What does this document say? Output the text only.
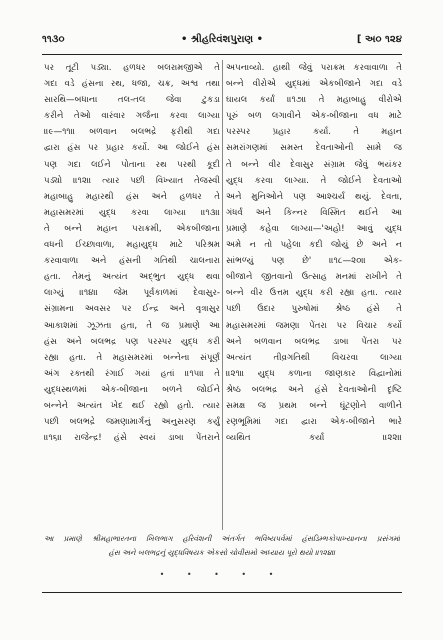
૧૧૩૦	• શ્રીહરિવંશપુરાણ •	[ અ૦ ૧૨૪
પર તૂટી પડ્યા. હળધર બલરામજીએ તે
ગદા વડે હંસના રથ, ધજા, ચક્ર, અશ્વ તથા
સારથિ—બધાના તલ-તલ જેવા ટુકડા
કરીને તેઓ વારંવાર ગર્જના કરવા લાગ્યા
॥૯—૧૧॥ બળવાન બલભદ્રે ફરીથી ગદા
દ્વારા હંસ પર પ્રહાર કર્યો. આ જોઈને હંસ
પણ ગદા લઈને પોતાના રથ પરથી કૂદી
પડ્યો ॥૧૨॥ ત્યાર પછી વિખ્યાત તેજસ્વી
મહાબાહુ મહારથી હંસ અને હળધર તે
મહાસમરમાં યુદ્ધ કરવા લાગ્યા ॥૧૩॥
તે બન્ને મહાન પરાક્રમી, એકબીજાના
વધની ઈચ્છાવાળા, મહાયુદ્ધ માટે પરિશ્રમ
કરવાવાળા અને હંસની ગતિથી ચાલનારા
હતા. તેમનું અત્યંત અદ્ભુત યુદ્ધ થવા
લાગ્યું ॥૧૪॥ જેમ પૂર્વકાળમાં દેવાસુર-
સંગ્રામના અવસર પર ઈન્દ્ર અને વૃત્રાસુર
આકાશમાં ઝૂઝતા હતા, તે જ પ્રમાણે આ
હંસ અને બલભદ્ર પણ પરસ્પર યુદ્ધ કરી
રહ્યા હતા. તે મહાસમરમાં બન્નેના સંપૂર્ણ
અંગ રક્તથી રંગાઈ ગયાં હતાં ॥૧૫॥ તે
યુદ્ધસ્થળમાં એક-બીજાના બળને જોઈને
બન્નેને અત્યંત ખેદ થઈ રહ્યો હતો. ત્યાર
પછી બલભદ્રે જમણામાર્ગનું અનુસરણ કર્યું
॥૧૬॥ રાજેન્દ્ર! હંસે સ્વયં ડાબા પેંતરાને
અપનાવ્યો. હાથી જેવું પરાક્રમ કરવાવાળા તે
બન્ને વીરોએ યુદ્ધમાં એકબીજાને ગદા વડે
ઘાયલ કર્યાં ॥૧૭॥ તે મહાબાહુ વીરોએ
પૂરું બળ લગાવીને એક-બીજાના વધ માટે
પરસ્પર પ્રહાર કર્યા. તે મહાન
સમરાંગણમાં સમસ્ત દેવતાઓની સામે જ
તે બન્ને વીર દેવાસુર સંગ્રામ જેવું ભયંકર
યુદ્ધ કરવા લાગ્યા. તે જોઈને દેવતાઓ
અને મુનિઓને પણ આશ્ચર્ય થયું. દેવતા,
ગંધર્વ અને કિન્નર વિસ્મિત થઈને આ
પ્રમાણે કહેવા લાગ્યા—'અહો! આવું યુદ્ધ
અમે ન તો પહેલા કદી જોયું છે અને ન
સાંભળ્યું પણ છે' ॥૧૮—૨૦॥ એક-
બીજાને જીતવાનો ઉત્સાહ મનમાં રાખીને તે
બન્ને વીર ઉત્તમ યુદ્ધ કરી રહ્યા હતા. ત્યાર
પછી ઉદાર પુરુષોમાં શ્રેષ્ઠ હંસે તે
મહાસમરમાં જમણા પેંતરા પર વિચાર કર્યો
અને બળવાન બલભદ્ર ડાબા પેંતરા પર
અત્યંત તીવ્રગતિથી વિચરવા લાગ્યા
॥૨૧॥ યુદ્ધ કળાના જાણકાર વિદ્વાનોમાં
શ્રેષ્ઠ બલભદ્ર અને હંસે દેવતાઓની દૃષ્ટિ
સમક્ષ જ પ્રથમ બન્ને ઘૂંટણોને વાળીને
રણભૂમિમાં ગદા દ્વારા એક-બીજાને ભારે
વ્યથિત કર્યા ॥૨૨॥
આ પ્રમાણે શ્રીમહાભારતના ખિલભાગ હરિવંશની અંતર્ગત ભવિષ્યપર્વમાં હંસડિમ્ભકોપાખ્યાનના પ્રસંગમાં
હંસ અને બલભદ્રનું યુદ્ધવિષયક એકસો ચોવીસમો અધ્યાય પૂરો થયો ॥૧૨૪॥
• • • • •
